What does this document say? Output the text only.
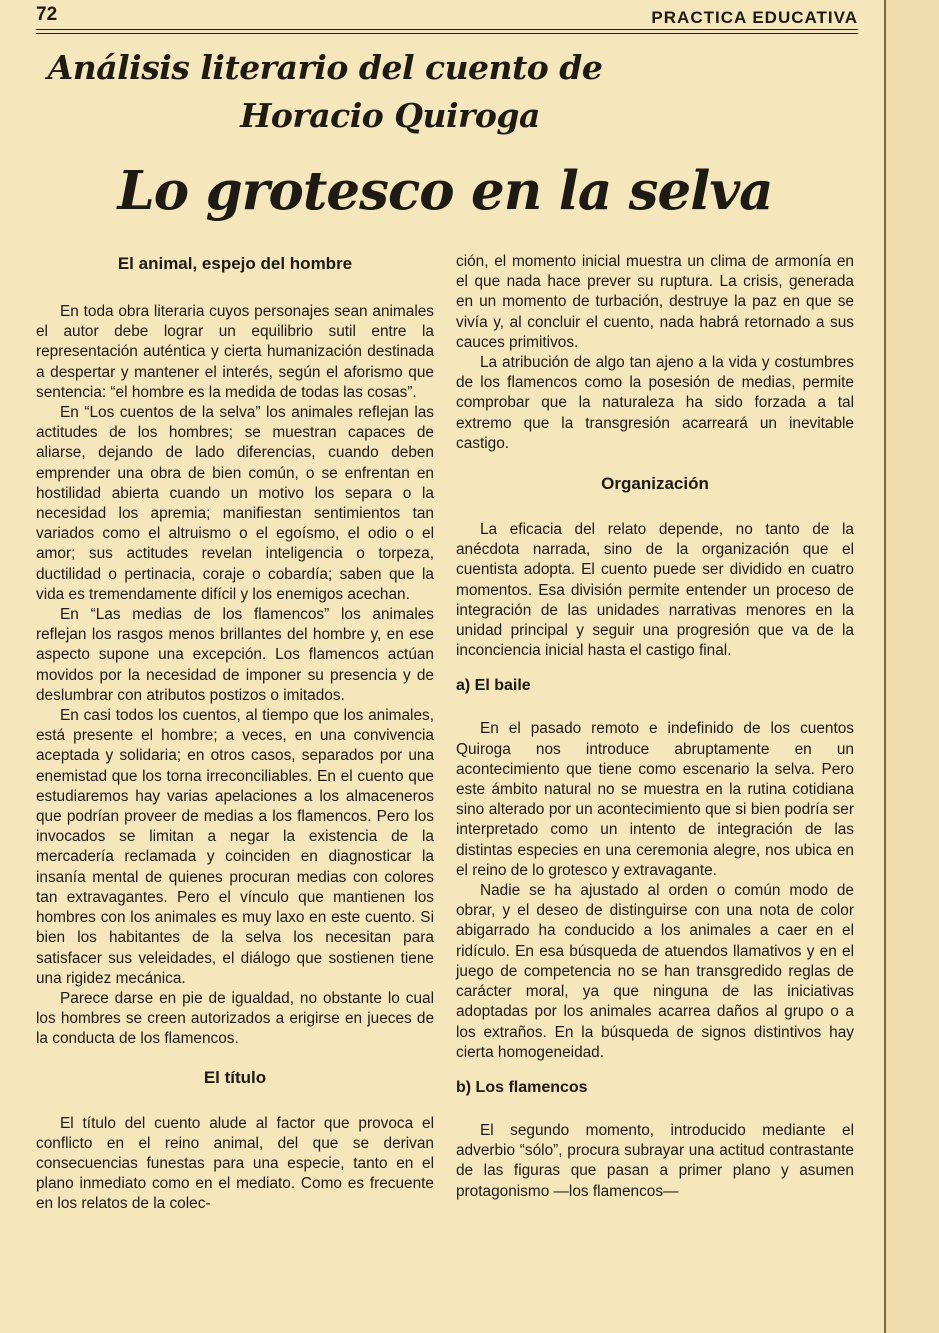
72	PRACTICA EDUCATIVA
Análisis literario del cuento de
Horacio Quiroga
Lo grotesco en la selva
El animal, espejo del hombre

En toda obra literaria cuyos personajes sean animales el autor debe lograr un equilibrio sutil entre la representación auténtica y cierta humanización destinada a despertar y mantener el interés, según el aforismo que sentencia: “el hombre es la medida de todas las cosas”.

En “Los cuentos de la selva” los animales reflejan las actitudes de los hombres; se muestran capaces de aliarse, dejando de lado diferencias, cuando deben emprender una obra de bien común, o se enfrentan en hostilidad abierta cuando un motivo los separa o la necesidad los apremia; manifiestan sentimientos tan variados como el altruismo o el egoísmo, el odio o el amor; sus actitudes revelan inteligencia o torpeza, ductilidad o pertinacia, coraje o cobardía; saben que la vida es tremendamente difícil y los enemigos acechan.

En “Las medias de los flamencos” los animales reflejan los rasgos menos brillantes del hombre y, en ese aspecto supone una excepción. Los flamencos actúan movidos por la necesidad de imponer su presencia y de deslumbrar con atributos postizos o imitados.

En casi todos los cuentos, al tiempo que los animales, está presente el hombre; a veces, en una convivencia aceptada y solidaria; en otros casos, separados por una enemistad que los torna irreconciliables. En el cuento que estudiaremos hay varias apelaciones a los almaceneros que podrían proveer de medias a los flamencos. Pero los invocados se limitan a negar la existencia de la mercadería reclamada y coinciden en diagnosticar la insanía mental de quienes procuran medias con colores tan extravagantes. Pero el vínculo que mantienen los hombres con los animales es muy laxo en este cuento. Si bien los habitantes de la selva los necesitan para satisfacer sus veleidades, el diálogo que sostienen tiene una rigidez mecánica.

Parece darse en pie de igualdad, no obstante lo cual los hombres se creen autorizados a erigirse en jueces de la conducta de los flamencos.

El título

El título del cuento alude al factor que provoca el conflicto en el reino animal, del que se derivan consecuencias funestas para una especie, tanto en el plano inmediato como en el mediato. Como es frecuente en los relatos de la colec-

ción, el momento inicial muestra un clima de armonía en el que nada hace prever su ruptura. La crisis, generada en un momento de turbación, destruye la paz en que se vivía y, al concluir el cuento, nada habrá retornado a sus cauces primitivos.

La atribución de algo tan ajeno a la vida y costumbres de los flamencos como la posesión de medias, permite comprobar que la naturaleza ha sido forzada a tal extremo que la transgresión acarreará un inevitable castigo.

Organización

La eficacia del relato depende, no tanto de la anécdota narrada, sino de la organización que el cuentista adopta. El cuento puede ser dividido en cuatro momentos. Esa división permite entender un proceso de integración de las unidades narrativas menores en la unidad principal y seguir una progresión que va de la inconciencia inicial hasta el castigo final.

a) El baile

En el pasado remoto e indefinido de los cuentos Quiroga nos introduce abruptamente en un acontecimiento que tiene como escenario la selva. Pero este ámbito natural no se muestra en la rutina cotidiana sino alterado por un acontecimiento que si bien podría ser interpretado como un intento de integración de las distintas especies en una ceremonia alegre, nos ubica en el reino de lo grotesco y extravagante.

Nadie se ha ajustado al orden o común modo de obrar, y el deseo de distinguirse con una nota de color abigarrado ha conducido a los animales a caer en el ridículo. En esa búsqueda de atuendos llamativos y en el juego de competencia no se han transgredido reglas de carácter moral, ya que ninguna de las iniciativas adoptadas por los animales acarrea daños al grupo o a los extraños. En la búsqueda de signos distintivos hay cierta homogeneidad.

b) Los flamencos

El segundo momento, introducido mediante el adverbio “sólo”, procura subrayar una actitud contrastante de las figuras que pasan a primer plano y asumen protagonismo —los flamencos—
